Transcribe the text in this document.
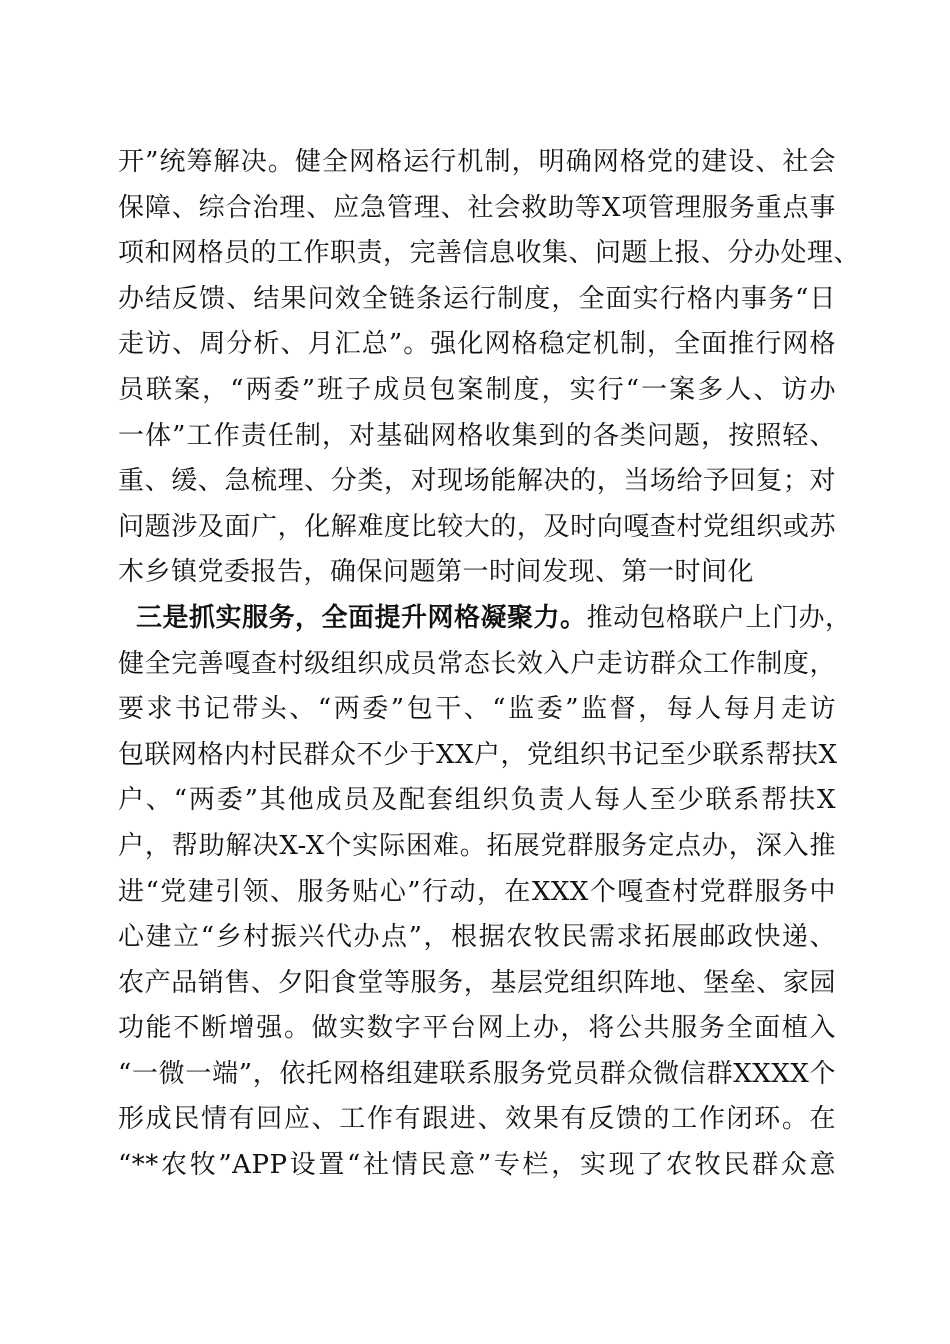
开”统筹解决。健全网格运行机制，明确网格党的建设、社会
保障、综合治理、应急管理、社会救助等X项管理服务重点事
项和网格员的工作职责，完善信息收集、问题上报、分办处理、
办结反馈、结果问效全链条运行制度，全面实行格内事务“日
走访、周分析、月汇总”。强化网格稳定机制，全面推行网格
员联案，“两委”班子成员包案制度，实行“一案多人、访办
一体”工作责任制，对基础网格收集到的各类问题，按照轻、
重、缓、急梳理、分类，对现场能解决的，当场给予回复；对
问题涉及面广，化解难度比较大的，及时向嘎查村党组织或苏
木乡镇党委报告，确保问题第一时间发现、第一时间化
三是抓实服务，全面提升网格凝聚力。推动包格联户上门办，
健全完善嘎查村级组织成员常态长效入户走访群众工作制度，
要求书记带头、“两委”包干、“监委”监督，每人每月走访
包联网格内村民群众不少于XX户，党组织书记至少联系帮扶X
户、“两委”其他成员及配套组织负责人每人至少联系帮扶X
户，帮助解决X-X个实际困难。拓展党群服务定点办，深入推
进“党建引领、服务贴心”行动，在XXX个嘎查村党群服务中
心建立“乡村振兴代办点”，根据农牧民需求拓展邮政快递、
农产品销售、夕阳食堂等服务，基层党组织阵地、堡垒、家园
功能不断增强。做实数字平台网上办，将公共服务全面植入
“一微一端”，依托网格组建联系服务党员群众微信群XXXX个
形成民情有回应、工作有跟进、效果有反馈的工作闭环。在
“**农牧”APP设置“社情民意”专栏，实现了农牧民群众意
